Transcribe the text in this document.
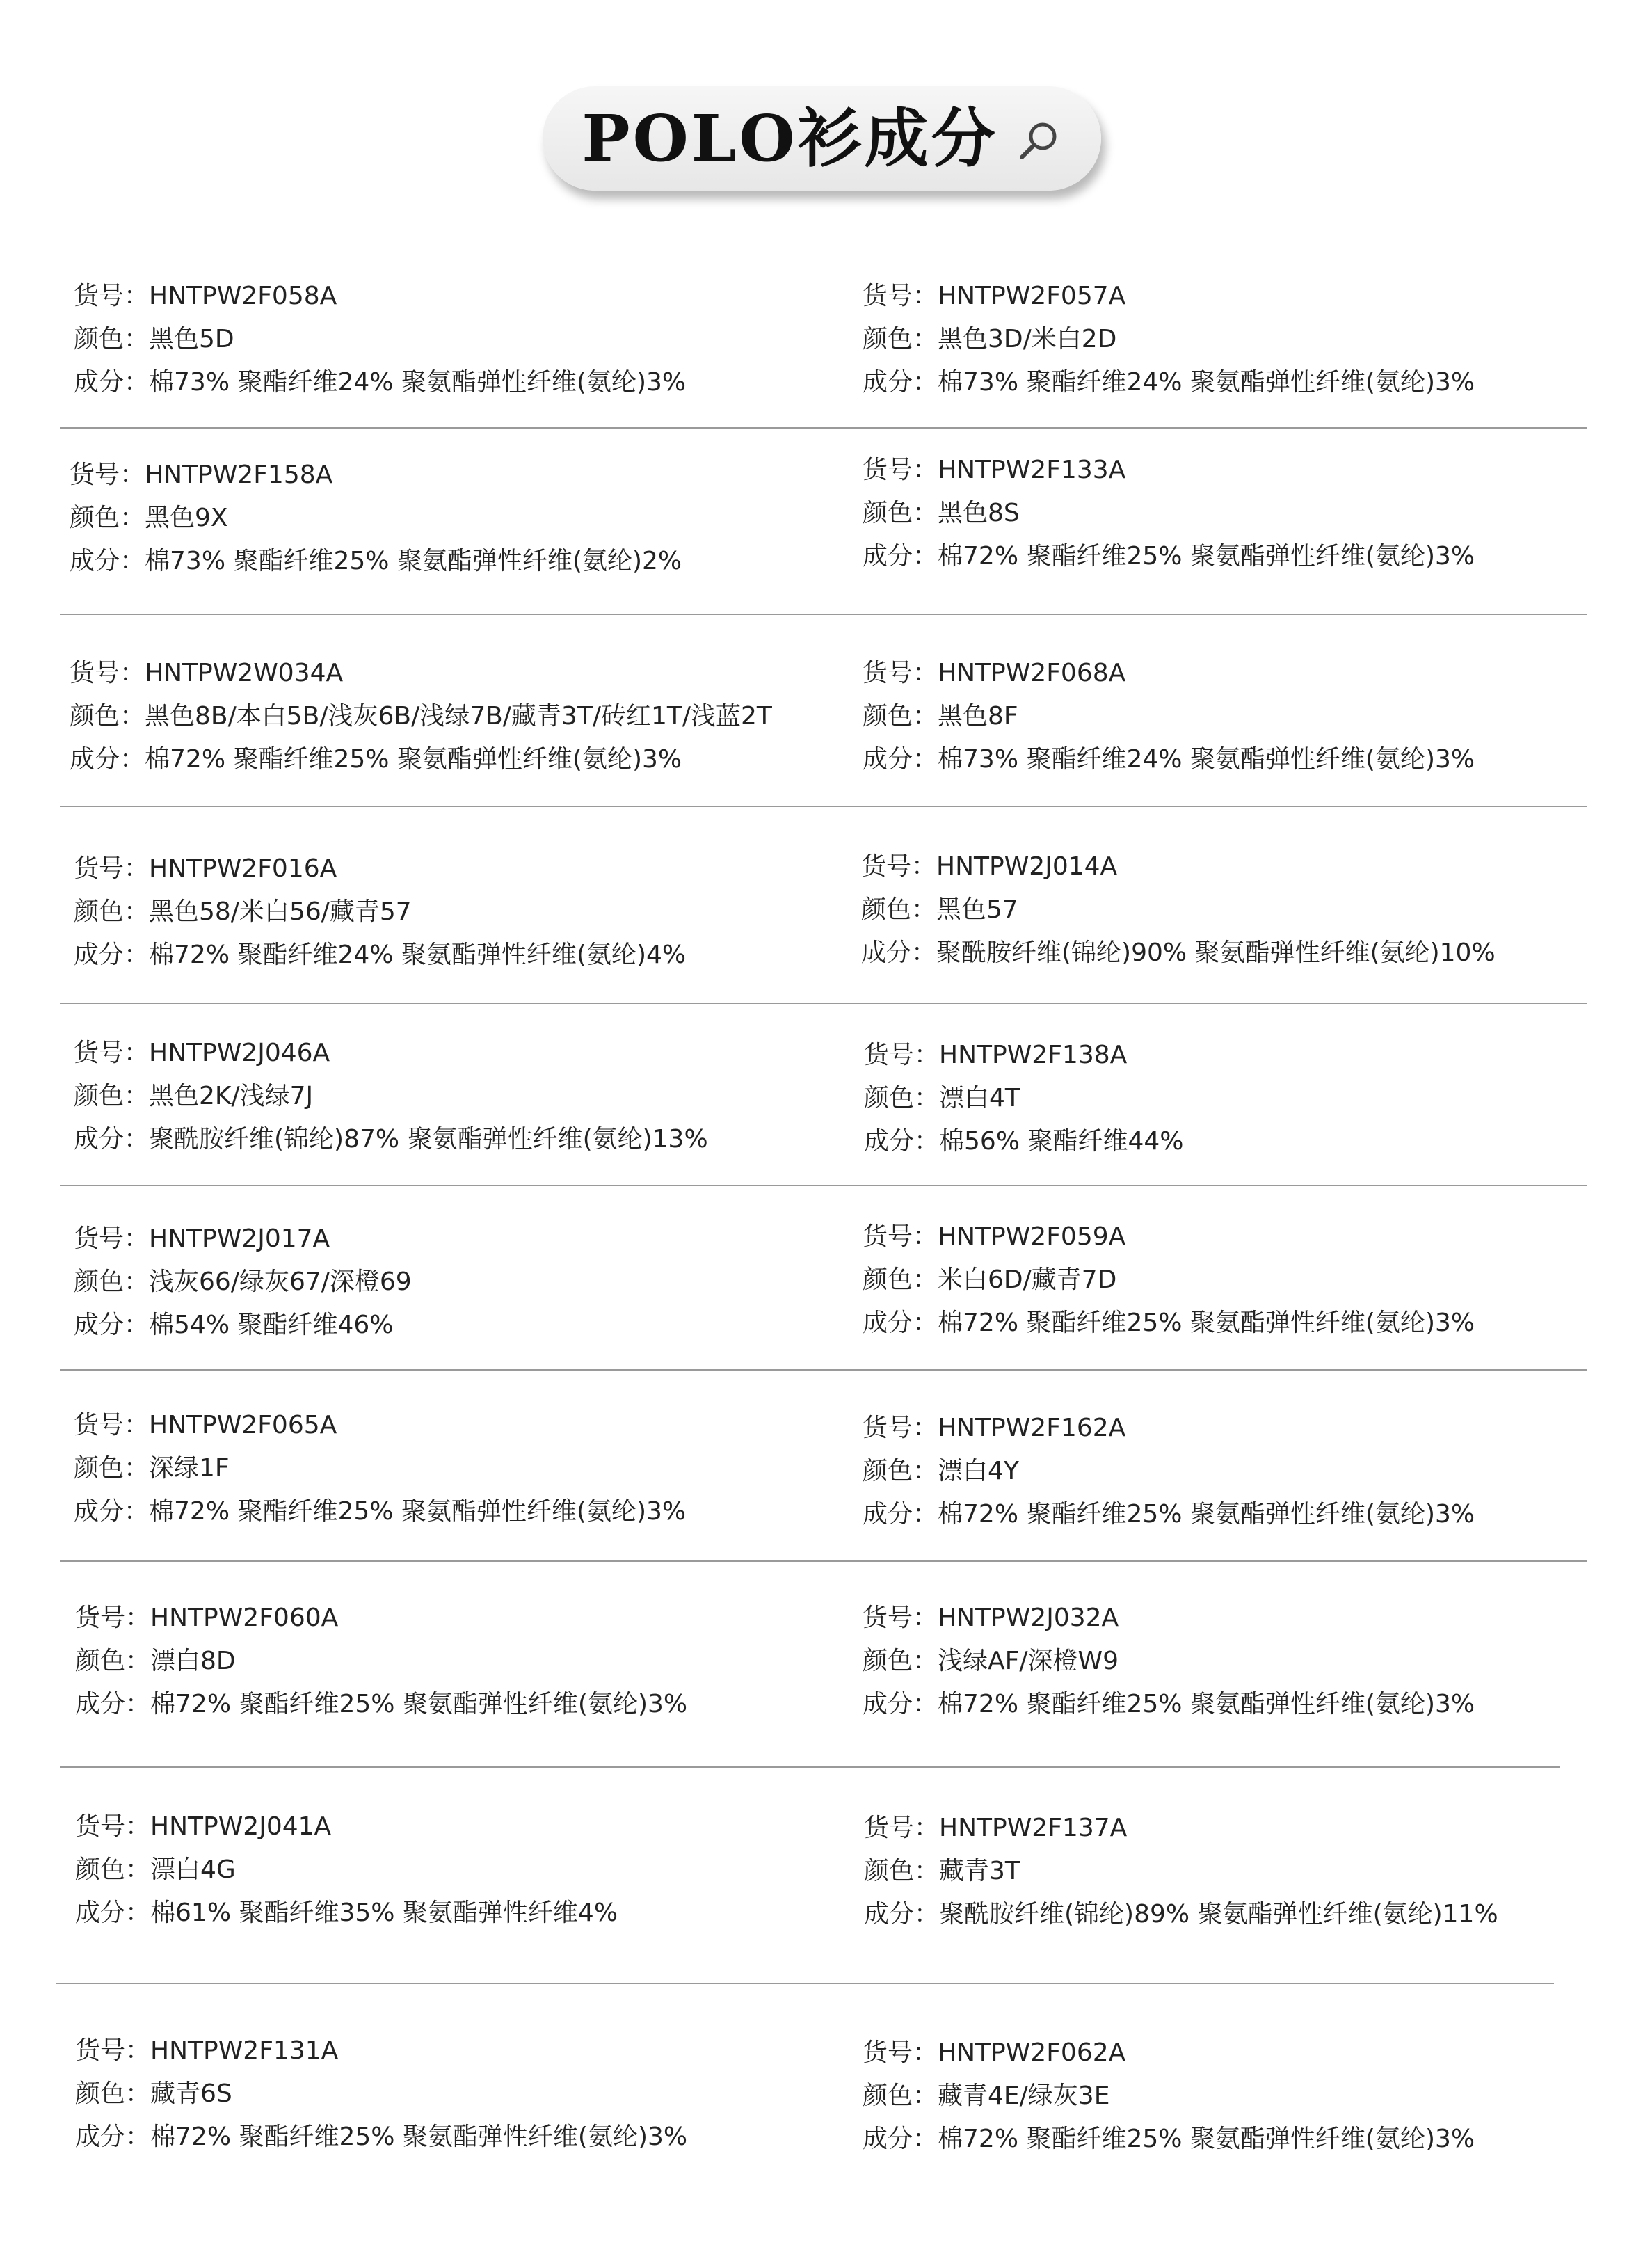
POLO衫成分
货号：HNTPW2F058A
颜色：黑色5D
成分：棉73% 聚酯纤维24% 聚氨酯弹性纤维(氨纶)3%
货号：HNTPW2F057A
颜色：黑色3D/米白2D
成分：棉73% 聚酯纤维24% 聚氨酯弹性纤维(氨纶)3%
货号：HNTPW2F158A
颜色：黑色9X
成分：棉73% 聚酯纤维25% 聚氨酯弹性纤维(氨纶)2%
货号：HNTPW2F133A
颜色：黑色8S
成分：棉72% 聚酯纤维25% 聚氨酯弹性纤维(氨纶)3%
货号：HNTPW2W034A
颜色：黑色8B/本白5B/浅灰6B/浅绿7B/藏青3T/砖红1T/浅蓝2T
成分：棉72% 聚酯纤维25% 聚氨酯弹性纤维(氨纶)3%
货号：HNTPW2F068A
颜色：黑色8F
成分：棉73% 聚酯纤维24% 聚氨酯弹性纤维(氨纶)3%
货号：HNTPW2F016A
颜色：黑色58/米白56/藏青57
成分：棉72% 聚酯纤维24% 聚氨酯弹性纤维(氨纶)4%
货号：HNTPW2J014A
颜色：黑色57
成分：聚酰胺纤维(锦纶)90% 聚氨酯弹性纤维(氨纶)10%
货号：HNTPW2J046A
颜色：黑色2K/浅绿7J
成分：聚酰胺纤维(锦纶)87% 聚氨酯弹性纤维(氨纶)13%
货号：HNTPW2F138A
颜色：漂白4T
成分：棉56% 聚酯纤维44%
货号：HNTPW2J017A
颜色：浅灰66/绿灰67/深橙69
成分：棉54% 聚酯纤维46%
货号：HNTPW2F059A
颜色：米白6D/藏青7D
成分：棉72% 聚酯纤维25% 聚氨酯弹性纤维(氨纶)3%
货号：HNTPW2F065A
颜色：深绿1F
成分：棉72% 聚酯纤维25% 聚氨酯弹性纤维(氨纶)3%
货号：HNTPW2F162A
颜色：漂白4Y
成分：棉72% 聚酯纤维25% 聚氨酯弹性纤维(氨纶)3%
货号：HNTPW2F060A
颜色：漂白8D
成分：棉72% 聚酯纤维25% 聚氨酯弹性纤维(氨纶)3%
货号：HNTPW2J032A
颜色：浅绿AF/深橙W9
成分：棉72% 聚酯纤维25% 聚氨酯弹性纤维(氨纶)3%
货号：HNTPW2J041A
颜色：漂白4G
成分：棉61% 聚酯纤维35% 聚氨酯弹性纤维4%
货号：HNTPW2F137A
颜色：藏青3T
成分：聚酰胺纤维(锦纶)89% 聚氨酯弹性纤维(氨纶)11%
货号：HNTPW2F131A
颜色：藏青6S
成分：棉72% 聚酯纤维25% 聚氨酯弹性纤维(氨纶)3%
货号：HNTPW2F062A
颜色：藏青4E/绿灰3E
成分：棉72% 聚酯纤维25% 聚氨酯弹性纤维(氨纶)3%
